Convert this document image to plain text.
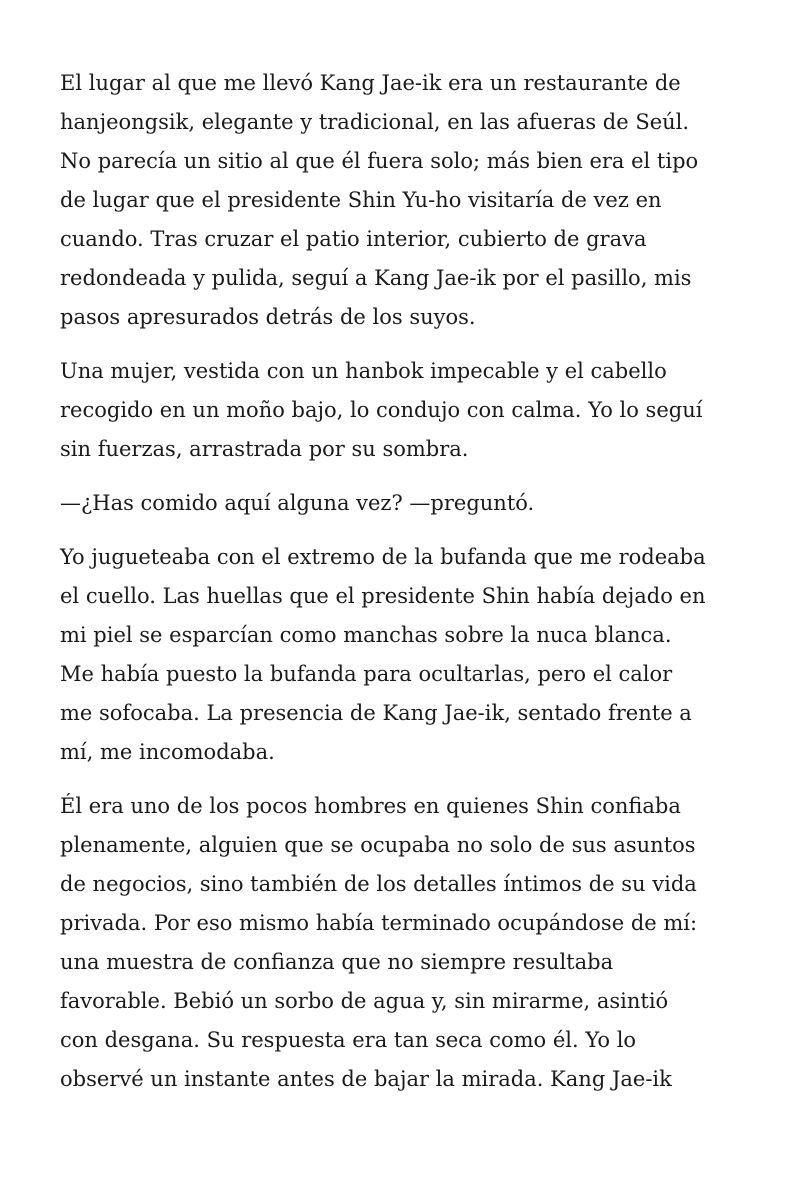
El lugar al que me llevó Kang Jae-ik era un restaurante de
hanjeongsik, elegante y tradicional, en las afueras de Seúl.
No parecía un sitio al que él fuera solo; más bien era el tipo
de lugar que el presidente Shin Yu-ho visitaría de vez en
cuando. Tras cruzar el patio interior, cubierto de grava
redondeada y pulida, seguí a Kang Jae-ik por el pasillo, mis
pasos apresurados detrás de los suyos.

Una mujer, vestida con un hanbok impecable y el cabello
recogido en un moño bajo, lo condujo con calma. Yo lo seguí
sin fuerzas, arrastrada por su sombra.

—¿Has comido aquí alguna vez? —preguntó.

Yo jugueteaba con el extremo de la bufanda que me rodeaba
el cuello. Las huellas que el presidente Shin había dejado en
mi piel se esparcían como manchas sobre la nuca blanca.
Me había puesto la bufanda para ocultarlas, pero el calor
me sofocaba. La presencia de Kang Jae-ik, sentado frente a
mí, me incomodaba.

Él era uno de los pocos hombres en quienes Shin confiaba
plenamente, alguien que se ocupaba no solo de sus asuntos
de negocios, sino también de los detalles íntimos de su vida
privada. Por eso mismo había terminado ocupándose de mí:
una muestra de confianza que no siempre resultaba
favorable. Bebió un sorbo de agua y, sin mirarme, asintió
con desgana. Su respuesta era tan seca como él. Yo lo
observé un instante antes de bajar la mirada. Kang Jae-ik
